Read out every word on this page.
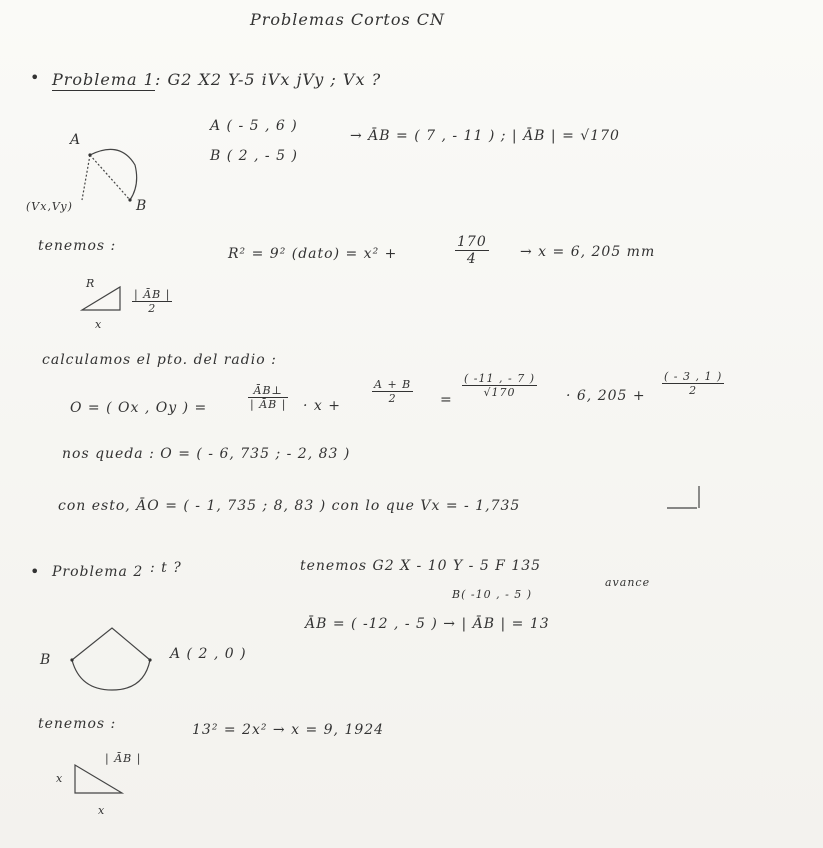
Problemas Cortos CN
• Problema 1 : G2 X2 Y-5 iVx jVy ; Vx ?
A
B
(Vx,Vy)
A ( - 5 , 6 )
B ( 2 , - 5 )
→ ĀB = ( 7 , - 11 ) ; | ĀB | = √170
tenemos :	R² = 9² (dato) = x² +	$\frac{170}{4} \to x = 6$, 205 mm
R
$\frac{| ĀB |}{2}$
x
calculamos el pto. del radio :
O = ( Ox , Oy ) =	$\frac{ĀB\perp}{| ĀB |} \cdot x$ +
$\frac{A + B}{2}$ =
$\frac{( -11 , - 7 )}{√170} \cdot 6$, $205 + \frac{( - 3 , 1 )}{2}$
nos queda : O = ( - 6, 735 ; - 2, 83 )
con esto, ĀO = ( - 1, 735 ; 8, 83 ) con lo que Vx = - 1,735
• Problema 2 : t ?	tenemos G2 X - 10 Y - 5 F 135
avance
B( -10 , - 5 )
B	A ( 2 , 0 )
ĀB = ( -12 , - 5 ) → | ĀB | = 13
tenemos :	13² = 2x² → x = 9, 1924
| ĀB |
x
x
